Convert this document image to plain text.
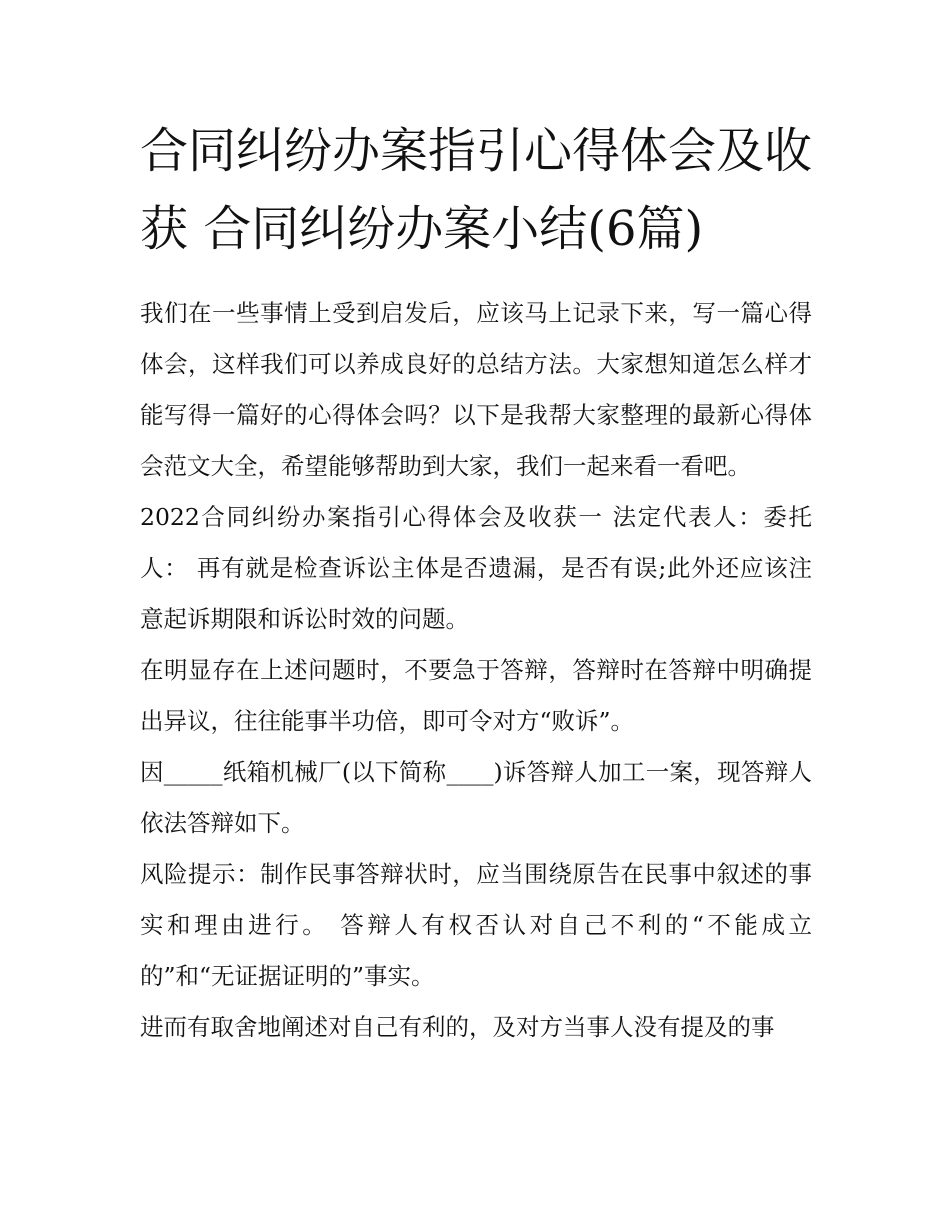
合同纠纷办案指引心得体会及收获 合同纠纷办案小结(6篇)

我们在一些事情上受到启发后，应该马上记录下来，写一篇心得体会，这样我们可以养成良好的总结方法。大家想知道怎么样才能写得一篇好的心得体会吗？以下是我帮大家整理的最新心得体会范文大全，希望能够帮助到大家，我们一起来看一看吧。

2022合同纠纷办案指引心得体会及收获一 法定代表人：委托人： 再有就是检查诉讼主体是否遗漏，是否有误;此外还应该注意起诉期限和诉讼时效的问题。

在明显存在上述问题时，不要急于答辩，答辩时在答辩中明确提出异议，往往能事半功倍，即可令对方“败诉”。

因_____纸箱机械厂(以下简称____)诉答辩人加工一案，现答辩人依法答辩如下。

风险提示：制作民事答辩状时，应当围绕原告在民事中叙述的事实和理由进行。 答辩人有权否认对自己不利的“不能成立的”和“无证据证明的”事实。

进而有取舍地阐述对自己有利的，及对方当事人没有提及的事
